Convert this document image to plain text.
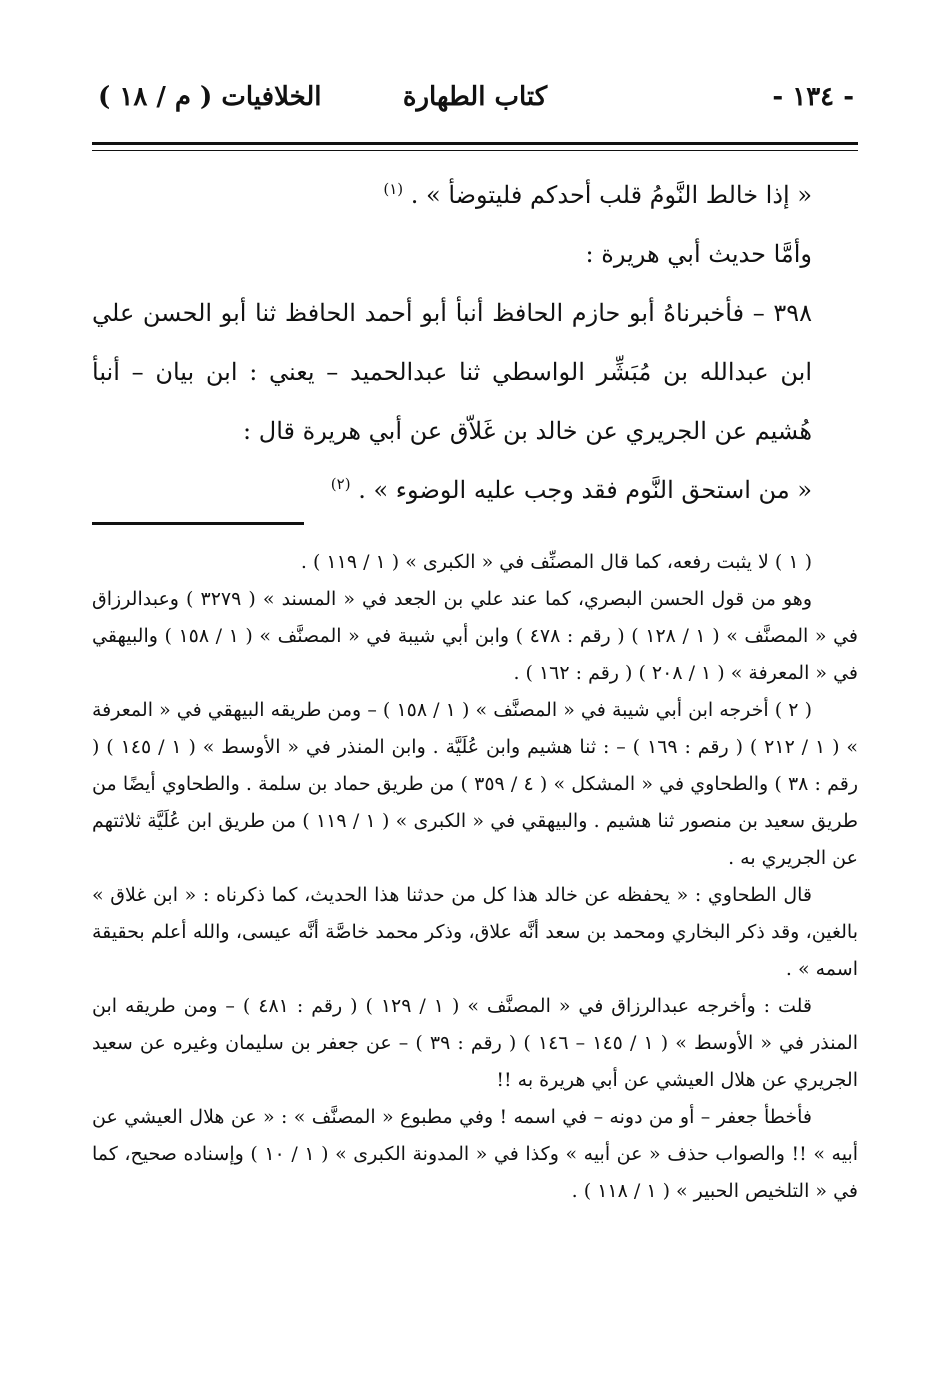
- ١٣٤ -
كتاب الطهارة
الخلافيات ( م / ١٨ )

« إذا خالط النَّومُ قلب أحدكم فليتوضأ » . $^{(١)}$

وأمَّا حديث أبي هريرة :

٣٩٨ – فأخبرناهُ أبو حازم الحافظ أنبأ أبو أحمد الحافظ ثنا أبو الحسن علي ابن عبدالله بن مُبَشِّر الواسطي ثنا عبدالحميد – يعني : ابن بيان – أنبأ هُشيم عن الجريري عن خالد بن غَلاّق عن أبي هريرة قال :

« من استحق النَّوم فقد وجب عليه الوضوء » . $^{(٢)}$

( ١ ) لا يثبت رفعه، كما قال المصنِّف في « الكبرى » ( ١ / ١١٩ ) .

وهو من قول الحسن البصري، كما عند علي بن الجعد في « المسند » ( ٣٢٧٩ ) وعبدالرزاق في « المصنَّف » ( ١ / ١٢٨ ) ( رقم : ٤٧٨ ) وابن أبي شيبة في « المصنَّف » ( ١ / ١٥٨ ) والبيهقي في « المعرفة » ( ١ / ٢٠٨ ) ( رقم : ١٦٢ ) .

( ٢ ) أخرجه ابن أبي شيبة في « المصنَّف » ( ١ / ١٥٨ ) – ومن طريقه البيهقي في « المعرفة » ( ١ / ٢١٢ ) ( رقم : ١٦٩ ) – : ثنا هشيم وابن عُلَيَّة . وابن المنذر في « الأوسط » ( ١ / ١٤٥ ) ( رقم : ٣٨ ) والطحاوي في « المشكل » ( ٤ / ٣٥٩ ) من طريق حماد بن سلمة . والطحاوي أيضًا من طريق سعيد بن منصور ثنا هشيم . والبيهقي في « الكبرى » ( ١ / ١١٩ ) من طريق ابن عُلَيَّة ثلاثتهم عن الجريري به .

قال الطحاوي : « يحفظه عن خالد هذا كل من حدثنا هذا الحديث، كما ذكرناه : « ابن غلاق » بالغين، وقد ذكر البخاري ومحمد بن سعد أنَّه علاق، وذكر محمد خاصَّة أنَّه عيسى، والله أعلم بحقيقة اسمه » .

قلت : وأخرجه عبدالرزاق في « المصنَّف » ( ١ / ١٢٩ ) ( رقم : ٤٨١ ) – ومن طريقه ابن المنذر في « الأوسط » ( ١ / ١٤٥ – ١٤٦ ) ( رقم : ٣٩ ) – عن جعفر بن سليمان وغيره عن سعيد الجريري عن هلال العيشي عن أبي هريرة به !!

فأخطأ جعفر – أو من دونه – في اسمه ! وفي مطبوع « المصنَّف » : « عن هلال العيشي عن أبيه » !! والصواب حذف « عن أبيه » وكذا في « المدونة الكبرى » ( ١ / ١٠ ) وإسناده صحيح، كما في « التلخيص الحبير » ( ١ / ١١٨ ) .
